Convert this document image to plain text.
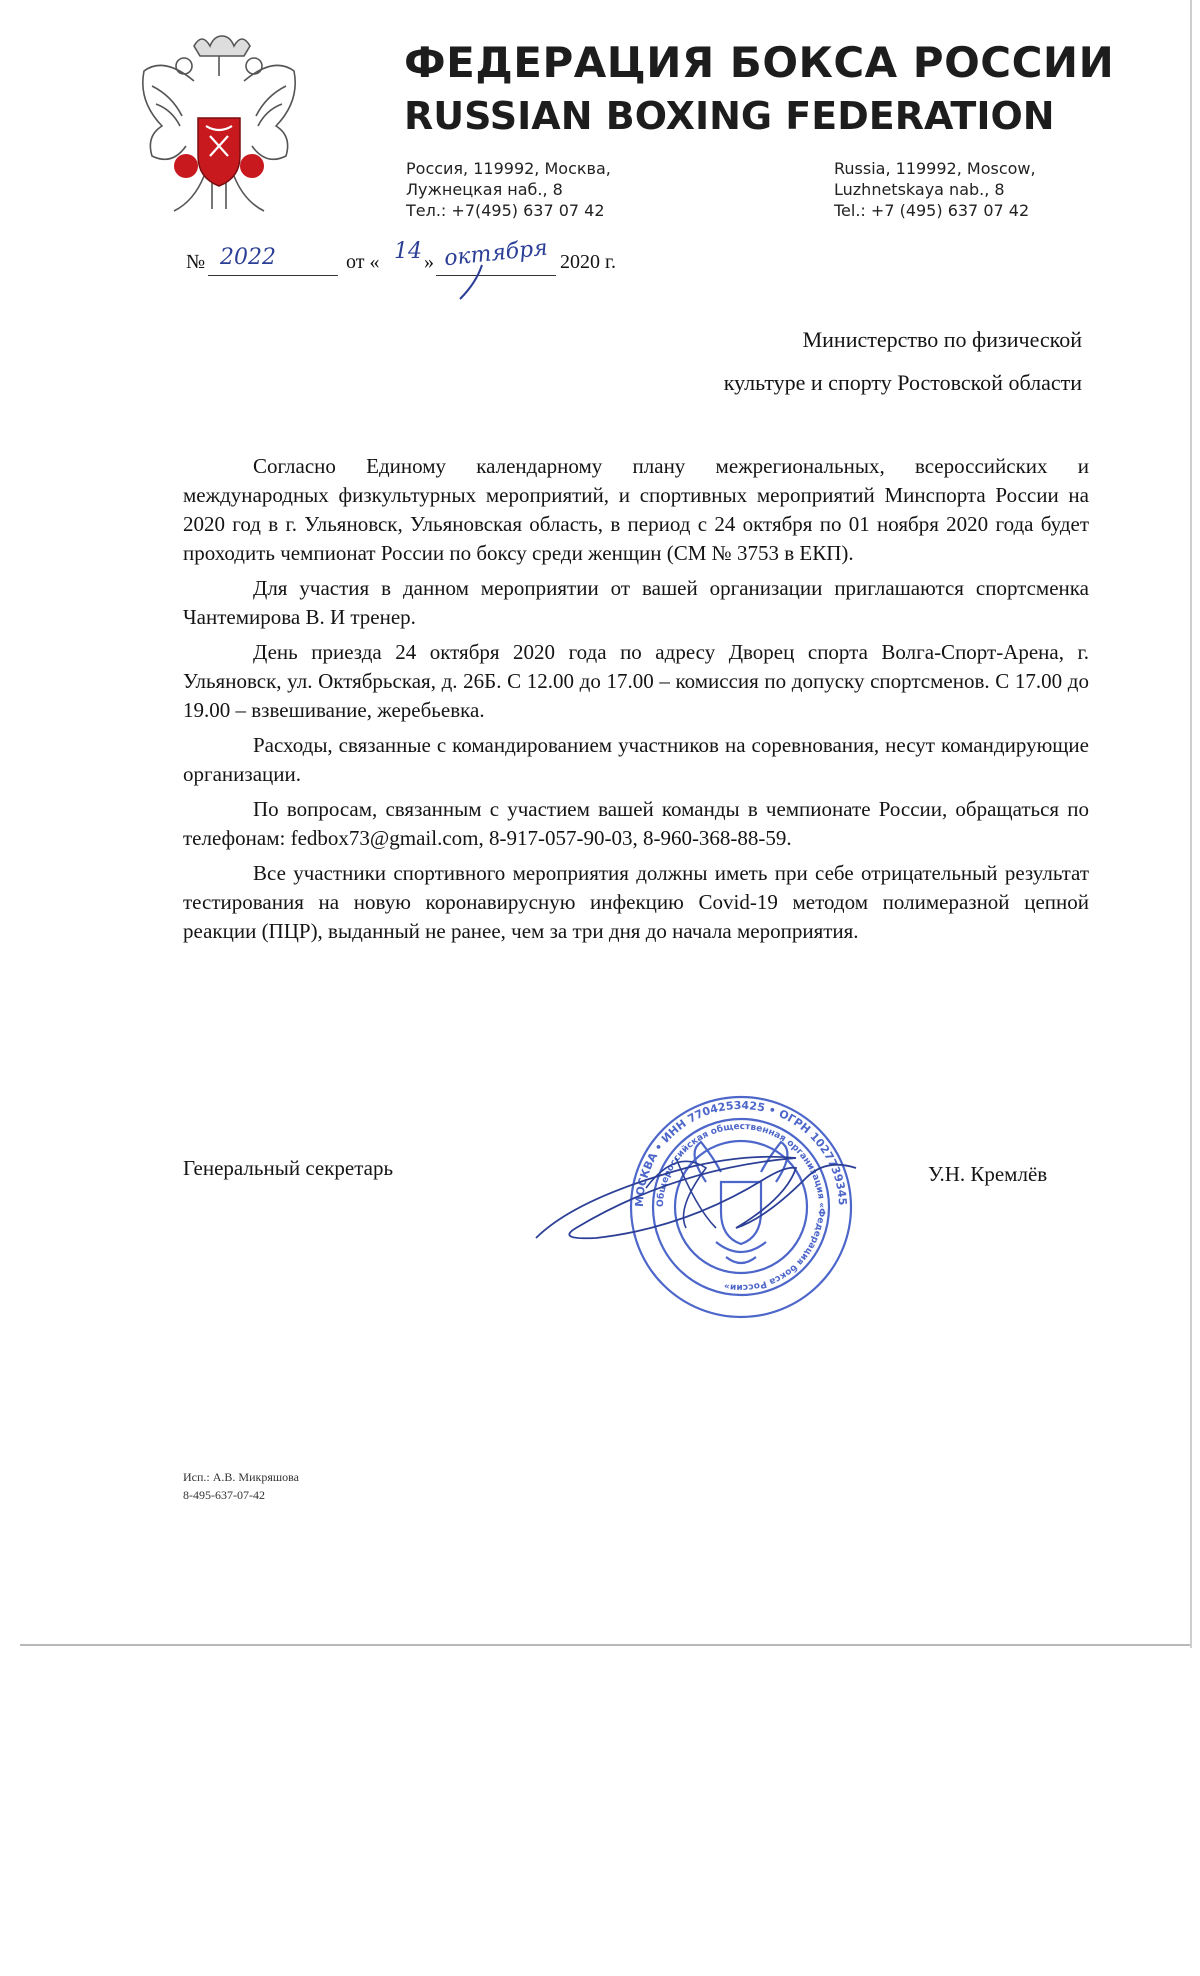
ФЕДЕРАЦИЯ БОКСА РОССИИ
RUSSIAN BOXING FEDERATION

Россия, 119992, Москва,
Лужнецкая наб., 8
Тел.: +7(495) 637 07 42

Russia, 119992, Moscow,
Luzhnetskaya nab., 8
Tel.: +7 (495) 637 07 42

№ 2022	от « 14 » октября 2020 г.

Министерство по физической
культуре и спорту Ростовской области

Согласно Единому календарному плану межрегиональных, всероссийских и международных физкультурных мероприятий, и спортивных мероприятий Минспорта России на 2020 год в г. Ульяновск, Ульяновская область, в период с 24 октября по 01 ноября 2020 года будет проходить чемпионат России по боксу среди женщин (СМ № 3753 в ЕКП).

Для участия в данном мероприятии от вашей организации приглашаются спортсменка Чантемирова В. И тренер.

День приезда 24 октября 2020 года по адресу Дворец спорта Волга-Спорт-Арена, г. Ульяновск, ул. Октябрьская, д. 26Б. С 12.00 до 17.00 – комиссия по допуску спортсменов. С 17.00 до 19.00 – взвешивание, жеребьевка.

Расходы, связанные с командированием участников на соревнования, несут командирующие организации.

По вопросам, связанным с участием вашей команды в чемпионате России, обращаться по телефонам: fedbox73@gmail.com, 8-917-057-90-03, 8-960-368-88-59.

Все участники спортивного мероприятия должны иметь при себе отрицательный результат тестирования на новую коронавирусную инфекцию Covid-19 методом полимеразной цепной реакции (ПЦР), выданный не ранее, чем за три дня до начала мероприятия.

Генеральный секретарь
МОСКВА • ИНН 7704253425 • ОГРН 1027739345
Общероссийская общественная организация «Федерация бокса России»
У.Н. Кремлёв

Исп.: А.В. Микряшова
8-495-637-07-42
